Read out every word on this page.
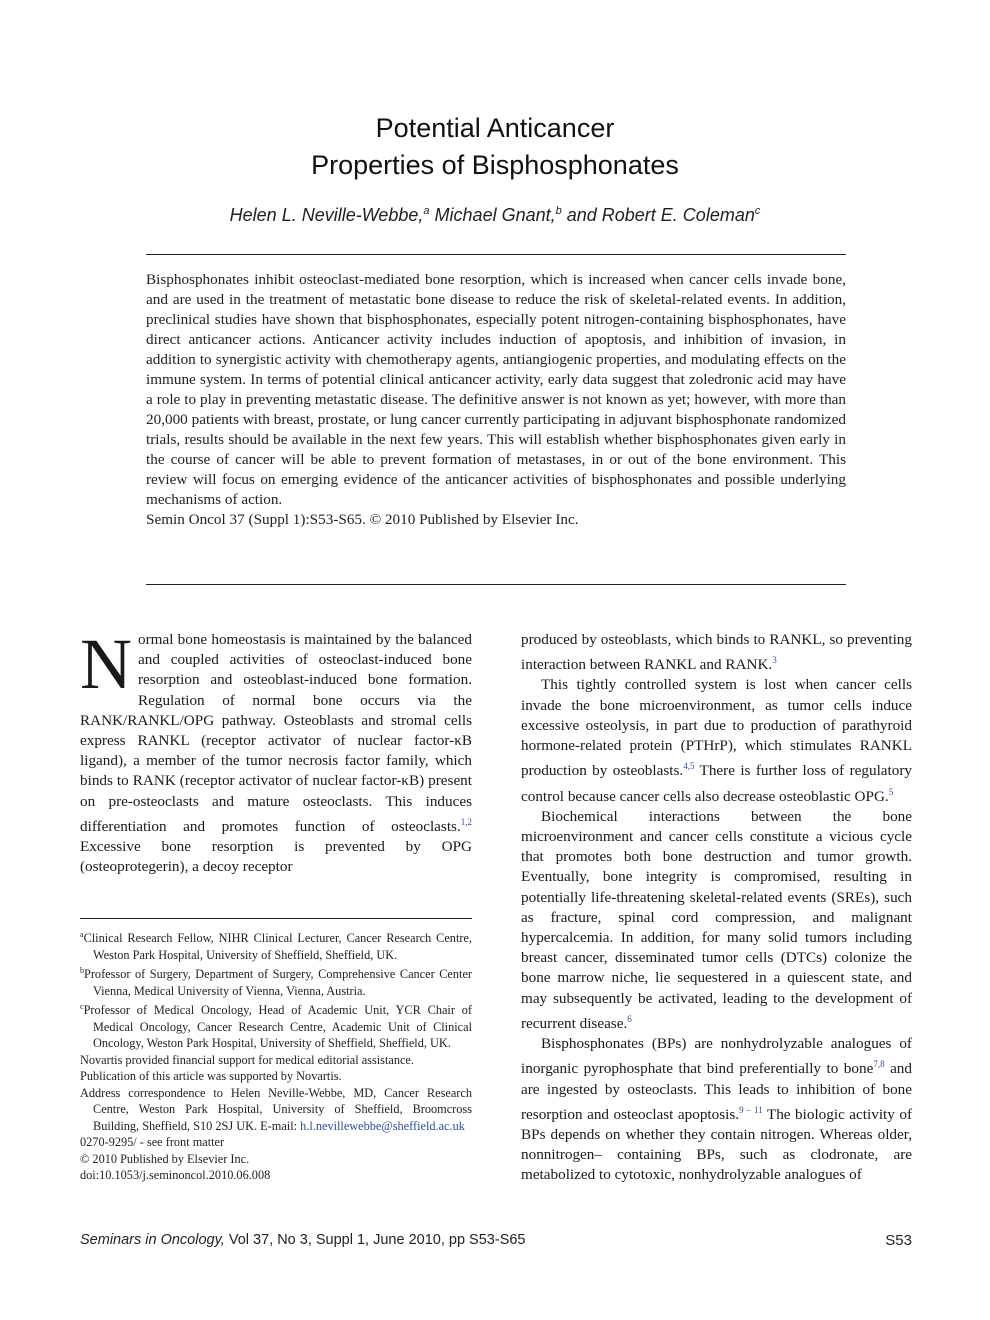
Potential Anticancer
Properties of Bisphosphonates
Helen L. Neville-Webbe,$^a$ Michael Gnant,$^b$ and Robert E. Coleman$^c$

Bisphosphonates inhibit osteoclast-mediated bone resorption, which is increased when cancer cells invade bone, and are used in the treatment of metastatic bone disease to reduce the risk of skeletal-related events. In addition, preclinical studies have shown that bisphosphonates, especially potent nitrogen-containing bisphosphonates, have direct anticancer actions. Anticancer activity includes induction of apoptosis, and inhibition of invasion, in addition to synergistic activity with chemotherapy agents, antiangiogenic properties, and modulating effects on the immune system. In terms of potential clinical anticancer activity, early data suggest that zoledronic acid may have a role to play in preventing metastatic disease. The definitive answer is not known as yet; however, with more than 20,000 patients with breast, prostate, or lung cancer currently participating in adjuvant bisphosphonate randomized trials, results should be available in the next few years. This will establish whether bisphosphonates given early in the course of cancer will be able to prevent formation of metastases, in or out of the bone environment. This review will focus on emerging evidence of the anticancer activities of bisphosphonates and possible underlying mechanisms of action.

Semin Oncol 37 (Suppl 1):S53-S65. © 2010 Published by Elsevier Inc.

Normal bone homeostasis is maintained by the balanced and coupled activities of osteoclast-induced bone resorption and osteoblast-induced bone formation. Regulation of normal bone occurs via the RANK/RANKL/OPG pathway. Osteoblasts and stromal cells express RANKL (receptor activator of nuclear factor-κB ligand), a member of the tumor necrosis factor family, which binds to RANK (receptor activator of nuclear factor-κB) present on pre-osteoclasts and mature osteoclasts. This induces differentiation and promotes function of osteoclasts.$^{1,2}$ Excessive bone resorption is prevented by OPG (osteoprotegerin), a decoy receptor

$^a$Clinical Research Fellow, NIHR Clinical Lecturer, Cancer Research Centre, Weston Park Hospital, University of Sheffield, Sheffield, UK.

$^b$Professor of Surgery, Department of Surgery, Comprehensive Cancer Center Vienna, Medical University of Vienna, Vienna, Austria.

$^c$Professor of Medical Oncology, Head of Academic Unit, YCR Chair of Medical Oncology, Cancer Research Centre, Academic Unit of Clinical Oncology, Weston Park Hospital, University of Sheffield, Sheffield, UK.

Novartis provided financial support for medical editorial assistance.

Publication of this article was supported by Novartis.

Address correspondence to Helen Neville-Webbe, MD, Cancer Research Centre, Weston Park Hospital, University of Sheffield, Broomcross Building, Sheffield, S10 2SJ UK. E-mail: h.l.nevillewebbe@sheffield.ac.uk

0270-9295/ - see front matter

© 2010 Published by Elsevier Inc.

doi:10.1053/j.seminoncol.2010.06.008

produced by osteoblasts, which binds to RANKL, so preventing interaction between RANKL and RANK.$^3$

This tightly controlled system is lost when cancer cells invade the bone microenvironment, as tumor cells induce excessive osteolysis, in part due to production of parathyroid hormone-related protein (PTHrP), which stimulates RANKL production by osteoblasts.$^{4,5}$ There is further loss of regulatory control because cancer cells also decrease osteoblastic OPG.$^5$

Biochemical interactions between the bone microenvironment and cancer cells constitute a vicious cycle that promotes both bone destruction and tumor growth. Eventually, bone integrity is compromised, resulting in potentially life-threatening skeletal-related events (SREs), such as fracture, spinal cord compression, and malignant hypercalcemia. In addition, for many solid tumors including breast cancer, disseminated tumor cells (DTCs) colonize the bone marrow niche, lie sequestered in a quiescent state, and may subsequently be activated, leading to the development of recurrent disease.$^6$

Bisphosphonates (BPs) are nonhydrolyzable analogues of inorganic pyrophosphate that bind preferentially to bone$^{7,8}$ and are ingested by osteoclasts. This leads to inhibition of bone resorption and osteoclast apoptosis.$^{9 - 11}$ The biologic activity of BPs depends on whether they contain nitrogen. Whereas older, nonnitrogen– containing BPs, such as clodronate, are metabolized to cytotoxic, nonhydrolyzable analogues of

Seminars in Oncology, Vol 37, No 3, Suppl 1, June 2010, pp S53-S65	S53
